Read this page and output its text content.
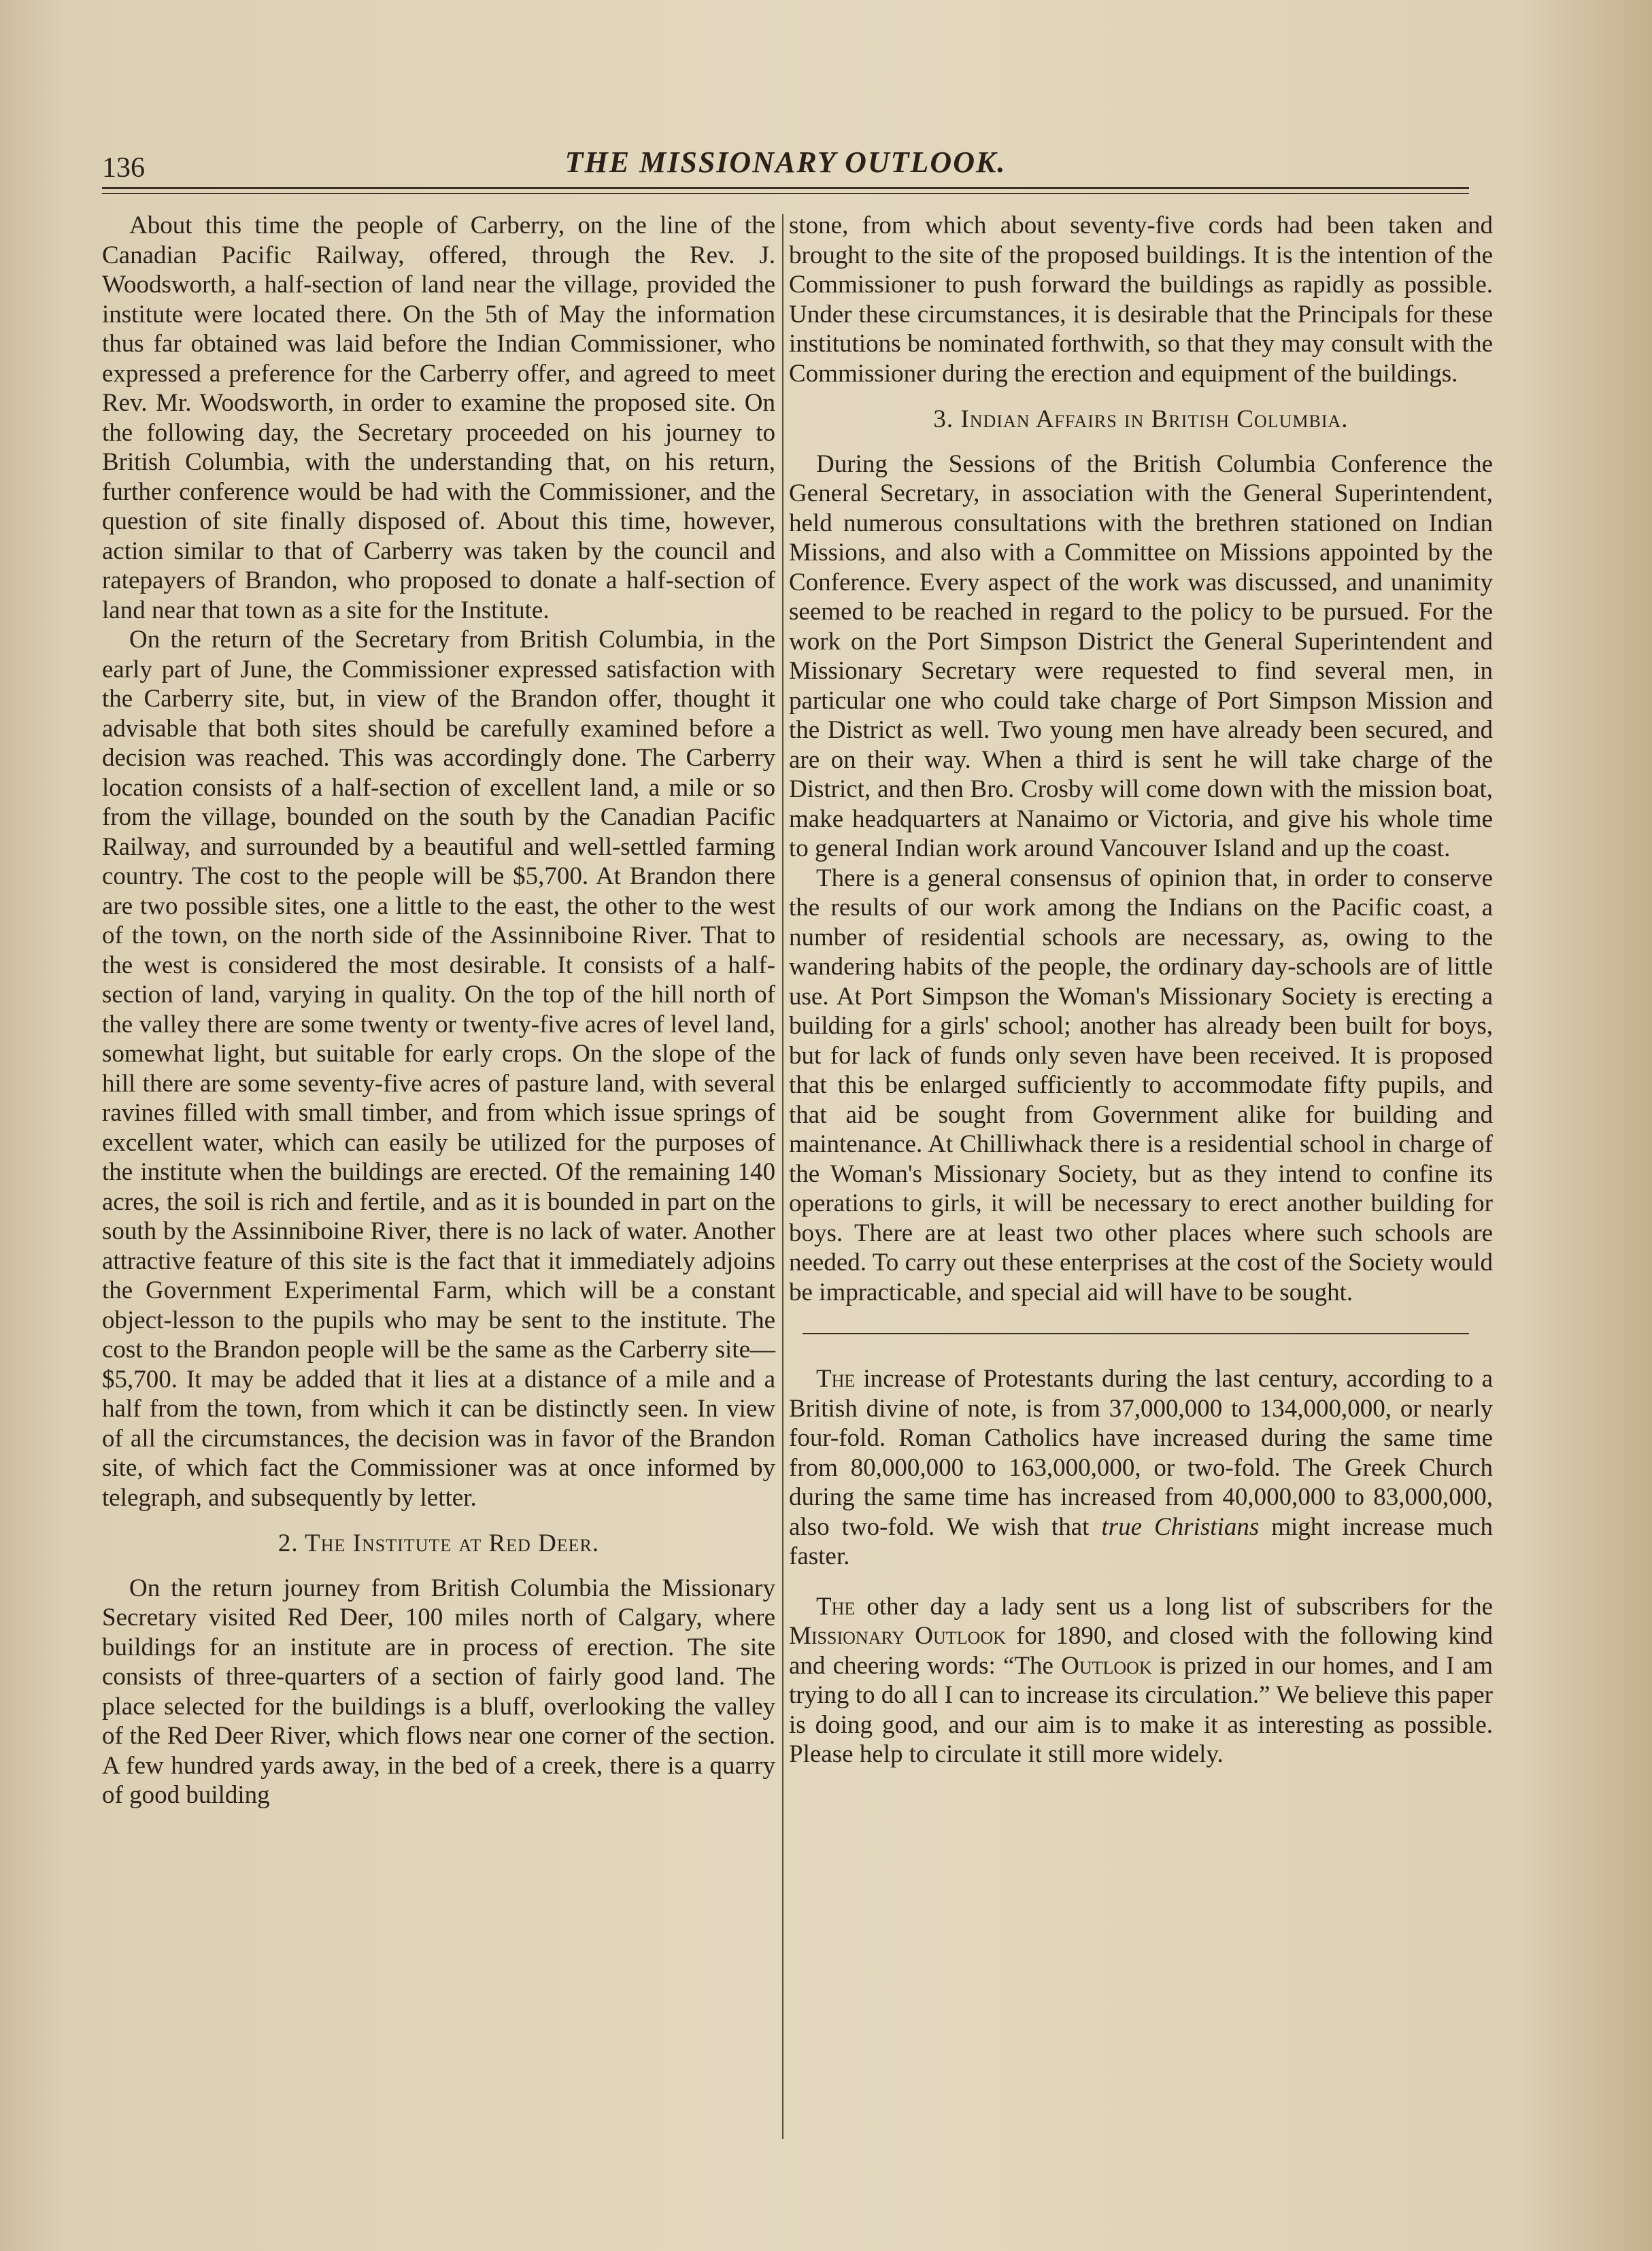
136	THE MISSIONARY OUTLOOK.

About this time the people of Carberry, on the line of the Canadian Pacific Railway, offered, through the Rev. J. Woodsworth, a half-section of land near the village, provided the institute were located there. On the 5th of May the information thus far obtained was laid before the Indian Commissioner, who expressed a preference for the Carberry offer, and agreed to meet Rev. Mr. Woodsworth, in order to examine the proposed site. On the following day, the Secretary proceeded on his journey to British Columbia, with the understanding that, on his return, further conference would be had with the Commissioner, and the question of site finally disposed of. About this time, however, action similar to that of Carberry was taken by the council and ratepayers of Brandon, who proposed to donate a half-section of land near that town as a site for the Institute.

On the return of the Secretary from British Columbia, in the early part of June, the Commissioner expressed satisfaction with the Carberry site, but, in view of the Brandon offer, thought it advisable that both sites should be carefully examined before a decision was reached. This was accordingly done. The Carberry location consists of a half-section of excellent land, a mile or so from the village, bounded on the south by the Canadian Pacific Railway, and surrounded by a beautiful and well-settled farming country. The cost to the people will be $5,700. At Brandon there are two possible sites, one a little to the east, the other to the west of the town, on the north side of the Assinniboine River. That to the west is considered the most desirable. It consists of a half-section of land, varying in quality. On the top of the hill north of the valley there are some twenty or twenty-five acres of level land, somewhat light, but suitable for early crops. On the slope of the hill there are some seventy-five acres of pasture land, with several ravines filled with small timber, and from which issue springs of excellent water, which can easily be utilized for the purposes of the institute when the buildings are erected. Of the remaining 140 acres, the soil is rich and fertile, and as it is bounded in part on the south by the Assinniboine River, there is no lack of water. Another attractive feature of this site is the fact that it immediately adjoins the Government Experimental Farm, which will be a constant object-lesson to the pupils who may be sent to the institute. The cost to the Brandon people will be the same as the Carberry site—$5,700. It may be added that it lies at a distance of a mile and a half from the town, from which it can be distinctly seen. In view of all the circumstances, the decision was in favor of the Brandon site, of which fact the Commissioner was at once informed by telegraph, and subsequently by letter.

2. The Institute at Red Deer.

On the return journey from British Columbia the Missionary Secretary visited Red Deer, 100 miles north of Calgary, where buildings for an institute are in process of erection. The site consists of three-quarters of a section of fairly good land. The place selected for the buildings is a bluff, overlooking the valley of the Red Deer River, which flows near one corner of the section. A few hundred yards away, in the bed of a creek, there is a quarry of good building

stone, from which about seventy-five cords had been taken and brought to the site of the proposed buildings. It is the intention of the Commissioner to push forward the buildings as rapidly as possible. Under these circumstances, it is desirable that the Principals for these institutions be nominated forthwith, so that they may consult with the Commissioner during the erection and equipment of the buildings.

3. Indian Affairs in British Columbia.

During the Sessions of the British Columbia Conference the General Secretary, in association with the General Superintendent, held numerous consultations with the brethren stationed on Indian Missions, and also with a Committee on Missions appointed by the Conference. Every aspect of the work was discussed, and unanimity seemed to be reached in regard to the policy to be pursued. For the work on the Port Simpson District the General Superintendent and Missionary Secretary were requested to find several men, in particular one who could take charge of Port Simpson Mission and the District as well. Two young men have already been secured, and are on their way. When a third is sent he will take charge of the District, and then Bro. Crosby will come down with the mission boat, make headquarters at Nanaimo or Victoria, and give his whole time to general Indian work around Vancouver Island and up the coast.

There is a general consensus of opinion that, in order to conserve the results of our work among the Indians on the Pacific coast, a number of residential schools are necessary, as, owing to the wandering habits of the people, the ordinary day-schools are of little use. At Port Simpson the Woman's Missionary Society is erecting a building for a girls' school; another has already been built for boys, but for lack of funds only seven have been received. It is proposed that this be enlarged sufficiently to accommodate fifty pupils, and that aid be sought from Government alike for building and maintenance. At Chilliwhack there is a residential school in charge of the Woman's Missionary Society, but as they intend to confine its operations to girls, it will be necessary to erect another building for boys. There are at least two other places where such schools are needed. To carry out these enterprises at the cost of the Society would be impracticable, and special aid will have to be sought.

The increase of Protestants during the last century, according to a British divine of note, is from 37,000,000 to 134,000,000, or nearly four-fold. Roman Catholics have increased during the same time from 80,000,000 to 163,000,000, or two-fold. The Greek Church during the same time has increased from 40,000,000 to 83,000,000, also two-fold. We wish that true Christians might increase much faster.

The other day a lady sent us a long list of subscribers for the Missionary Outlook for 1890, and closed with the following kind and cheering words: “The Outlook is prized in our homes, and I am trying to do all I can to increase its circulation.” We believe this paper is doing good, and our aim is to make it as interesting as possible. Please help to circulate it still more widely.
